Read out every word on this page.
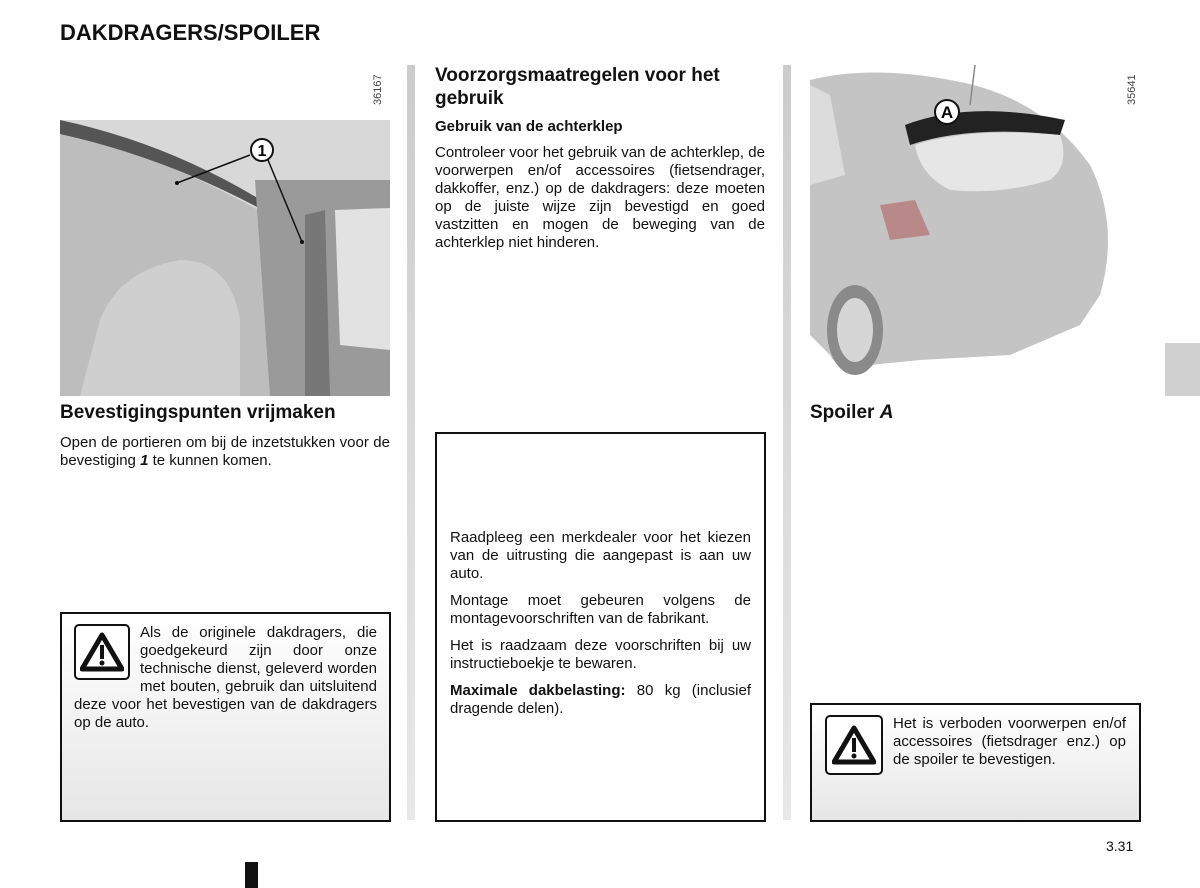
DAKDRAGERS/SPOILER
36167
1

Bevestigingspunten vrijmaken

Open de portieren om bij de inzetstukken voor de bevestiging 1 te kunnen komen.

Als de originele dakdragers, die goedgekeurd zijn door onze technische dienst, geleverd worden met bouten, gebruik dan uitsluitend deze voor het bevestigen van de dakdragers op de auto.

Voorzorgsmaatregelen voor het gebruik

Gebruik van de achterklep

Controleer voor het gebruik van de achterklep, de voorwerpen en/of accessoires (fietsendrager, dakkoffer, enz.) op de dakdragers: deze moeten op de juiste wijze zijn bevestigd en goed vastzitten en mogen de beweging van de achterklep niet hinderen.

Raadpleeg een merkdealer voor het kiezen van de uitrusting die aangepast is aan uw auto.

Montage moet gebeuren volgens de montagevoorschriften van de fabrikant.

Het is raadzaam deze voorschriften bij uw instructieboekje te bewaren.

Maximale dakbelasting: 80 kg (inclusief dragende delen).

35641
A

Spoiler A

Het is verboden voorwerpen en/of accessoires (fietsdrager enz.) op de spoiler te bevestigen.

3.31
